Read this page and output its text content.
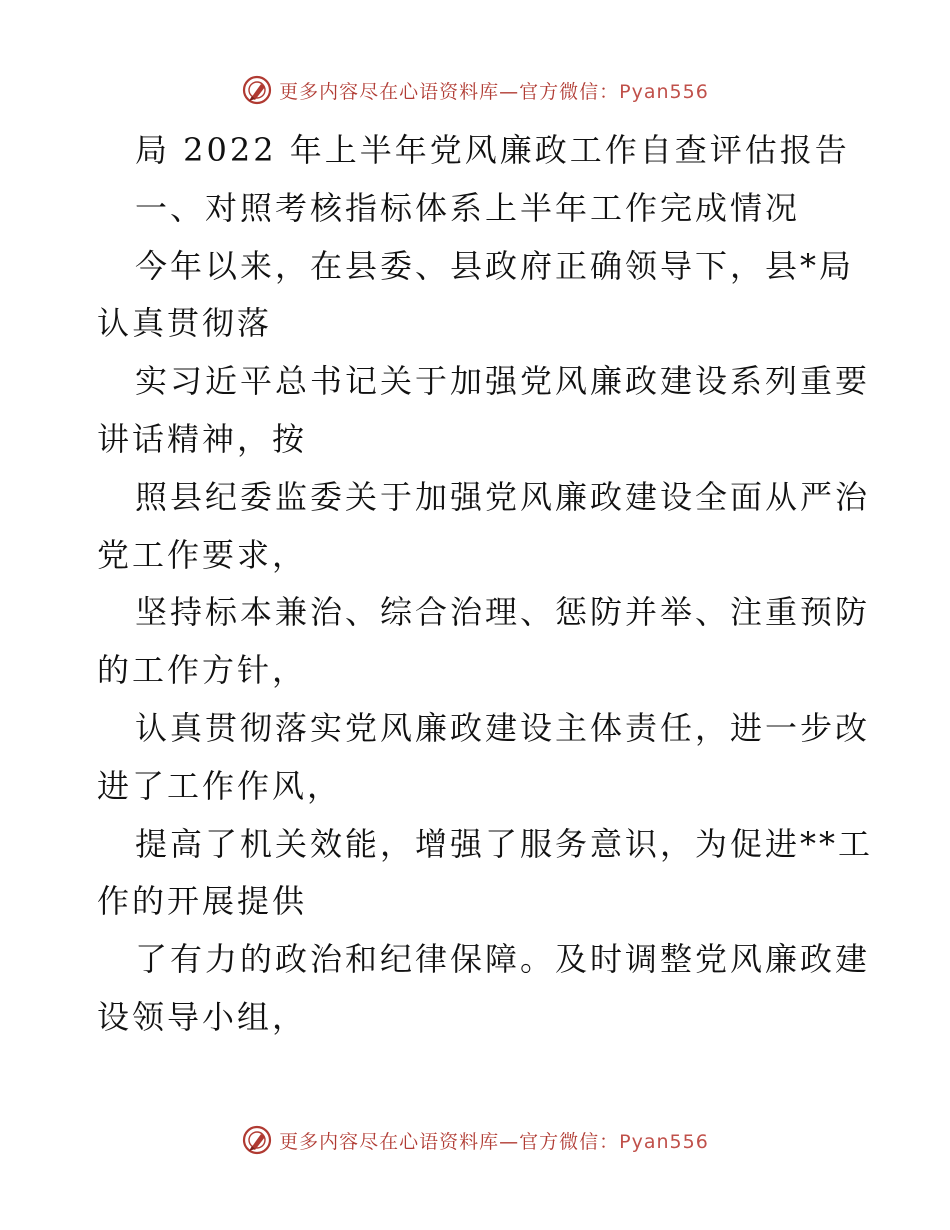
更多内容尽在心语资料库—官方微信：Pyan556
局 2022 年上半年党风廉政工作自查评估报告
一、对照考核指标体系上半年工作完成情况
今年以来，在县委、县政府正确领导下，县*局
认真贯彻落
实习近平总书记关于加强党风廉政建设系列重要
讲话精神，按
照县纪委监委关于加强党风廉政建设全面从严治
党工作要求，
坚持标本兼治、综合治理、惩防并举、注重预防
的工作方针，
认真贯彻落实党风廉政建设主体责任，进一步改
进了工作作风，
提高了机关效能，增强了服务意识，为促进**工
作的开展提供
了有力的政治和纪律保障。及时调整党风廉政建
设领导小组，
更多内容尽在心语资料库—官方微信：Pyan556
